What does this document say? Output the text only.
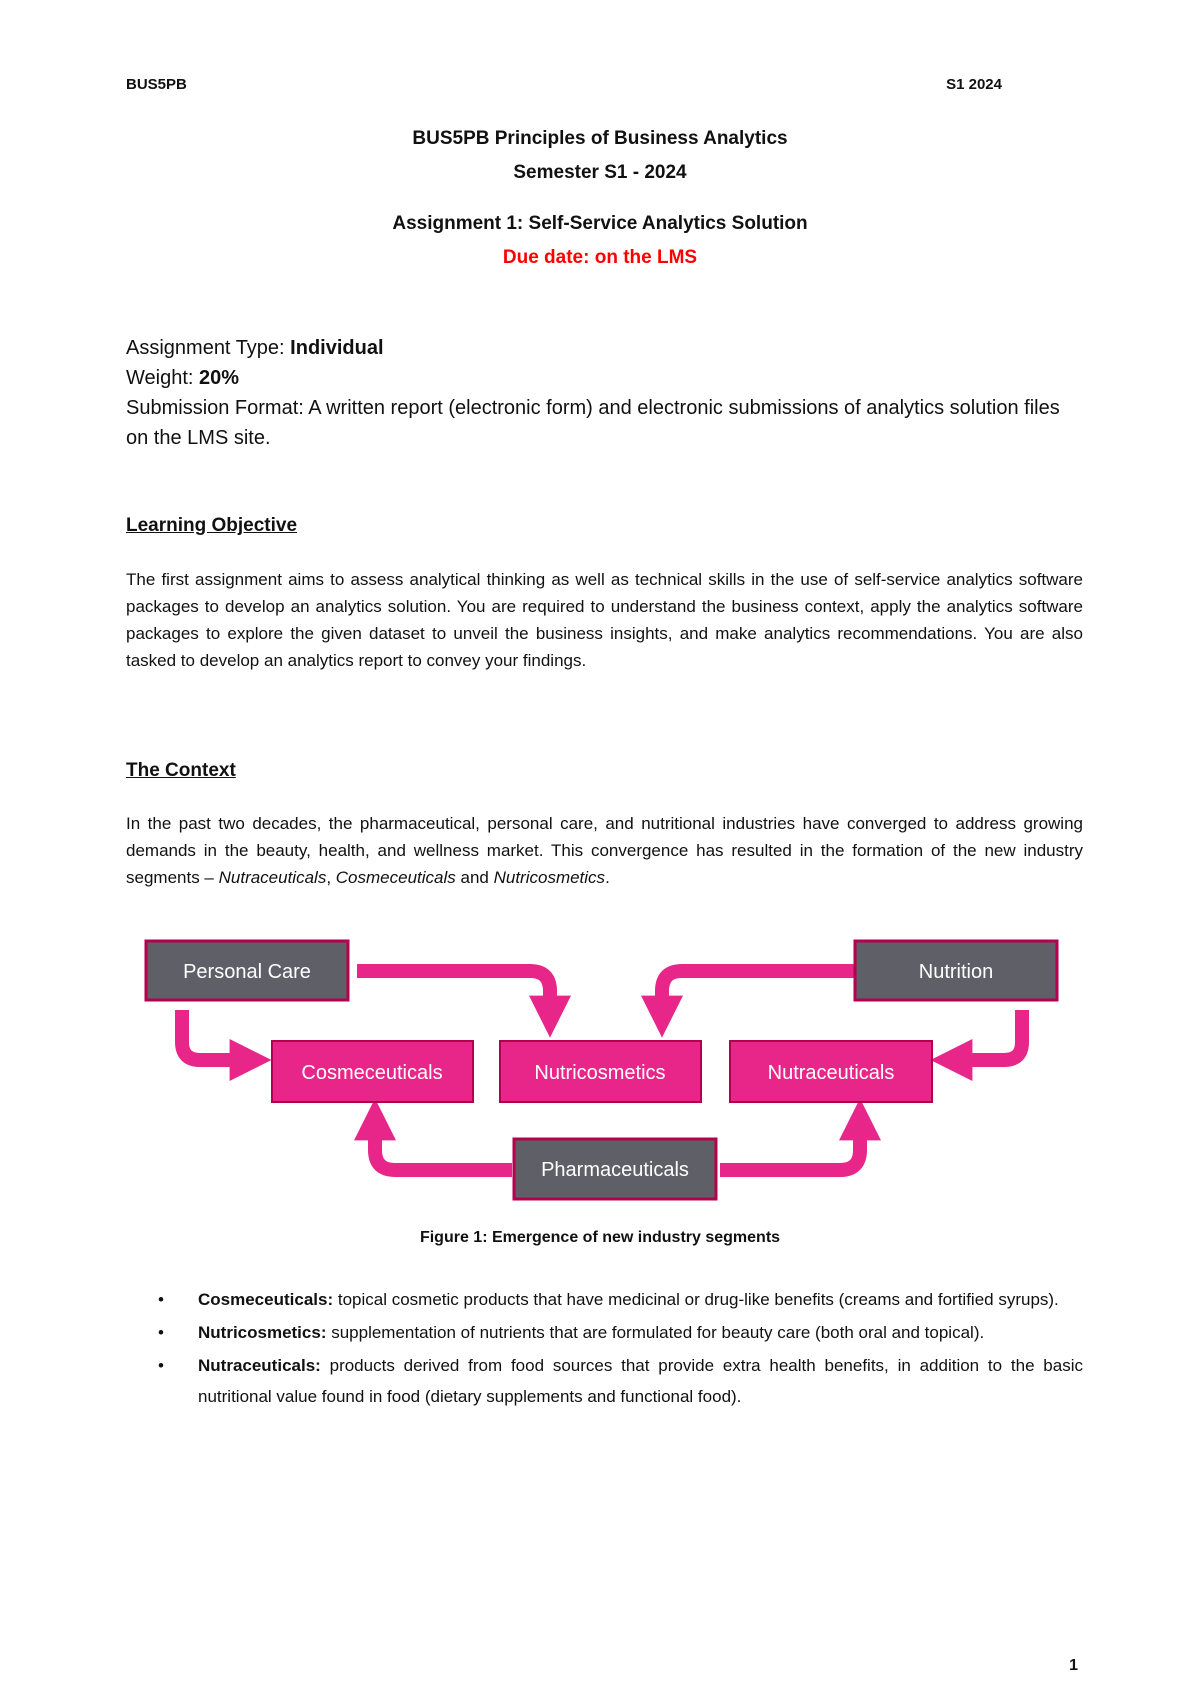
BUS5PB	S1 2024
BUS5PB Principles of Business Analytics
Semester S1 - 2024
Assignment 1: Self-Service Analytics Solution
Due date: on the LMS
Assignment Type: Individual
Weight: 20%
Submission Format: A written report (electronic form) and electronic submissions of analytics solution files on the LMS site.
Learning Objective
The first assignment aims to assess analytical thinking as well as technical skills in the use of self-service analytics software packages to develop an analytics solution. You are required to understand the business context, apply the analytics software packages to explore the given dataset to unveil the business insights, and make analytics recommendations. You are also tasked to develop an analytics report to convey your findings.
The Context
In the past two decades, the pharmaceutical, personal care, and nutritional industries have converged to address growing demands in the beauty, health, and wellness market. This convergence has resulted in the formation of the new industry segments – Nutraceuticals, Cosmeceuticals and Nutricosmetics.
Personal Care	Nutrition
Cosmeceuticals	Nutricosmetics	Nutraceuticals
Pharmaceuticals
Figure 1: Emergence of new industry segments
• Cosmeceuticals: topical cosmetic products that have medicinal or drug-like benefits (creams and fortified syrups).
• Nutricosmetics: supplementation of nutrients that are formulated for beauty care (both oral and topical).
• Nutraceuticals: products derived from food sources that provide extra health benefits, in addition to the basic nutritional value found in food (dietary supplements and functional food).
1
